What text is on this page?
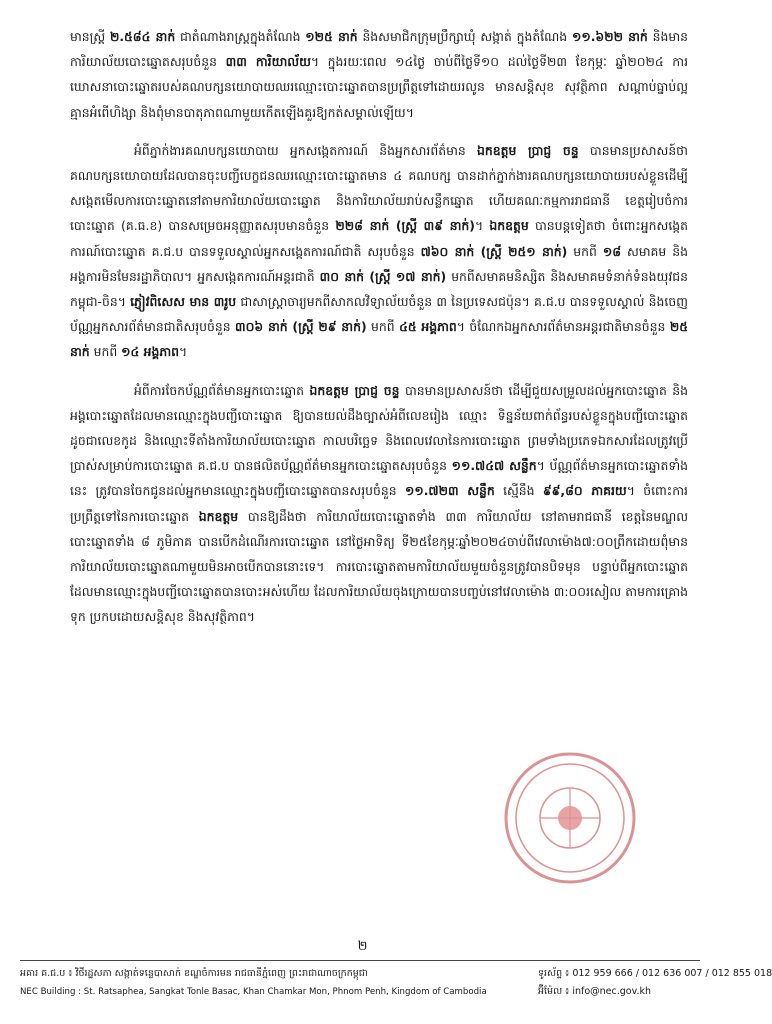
មានស្ត្រី ២.៥៨៤ នាក់ ជាតំណាងរាស្ត្រក្នុងតំណែង ១២៥ នាក់ និងសមាជិកក្រុមប្រឹក្សាឃុំ សង្កាត់ ក្នុងតំណែង ១១.៦២២ នាក់ និងមានការិយាល័យបោះឆ្នោតសរុបចំនួន ៣៣ ការិយាល័យ។ ក្នុងរយៈពេល ១៤ថ្ងៃ ចាប់ពីថ្ងៃទី១០ ដល់ថ្ងៃទី២៣ ខែកុម្ភៈ ឆ្នាំ២០២៤ ការឃោសនាបោះឆ្នោតរបស់គណបក្សនយោបាយឈរឈ្មោះបោះឆ្នោតបានប្រព្រឹត្តទៅដោយរលូន មានសន្តិសុខ សុវត្ថិភាព សណ្តាប់ធ្នាប់ល្អ គ្មានអំពើហិង្សា និងពុំមានបាតុភាពណាមួយកើតឡើងគួរឱ្យកត់សម្គាល់ឡើយ។

អំពីភ្នាក់ងារគណបក្សនយោបាយ អ្នកសង្កេតការណ៍ និងអ្នកសារព័ត៌មាន ឯកឧត្តម ប្រាជ្ញ ចន្ទ បានមានប្រសាសន៍ថា គណបក្សនយោបាយដែលបានចុះបញ្ជីបេក្ខជនឈរឈ្មោះបោះឆ្នោតមាន ៤ គណបក្ស បានដាក់ភ្នាក់ងារគណបក្សនយោបាយរបស់ខ្លួនដើម្បីសង្កេតមើលការបោះឆ្នោតនៅតាមការិយាល័យបោះឆ្នោត និងការិយាល័យរាប់សន្លឹកឆ្នោត ហើយគណៈកម្មការរាជធានី ខេត្តរៀបចំការបោះឆ្នោត (គ.ធ.ខ) បានសម្រេចអនុញ្ញាតសរុបមានចំនួន ២២៨ នាក់ (ស្ត្រី ៣៩ នាក់)។ ឯកឧត្តម បានបន្តទៀតថា ចំពោះអ្នកសង្កេតការណ៍បោះឆ្នោត គ.ជ.ប បានទទួលស្គាល់អ្នកសង្កេតការណ៍ជាតិ សរុបចំនួន ៧៦០ នាក់ (ស្ត្រី ២៥១ នាក់) មកពី ១៨ សមាគម និងអង្គការមិនមែនរដ្ឋាភិបាល។ អ្នកសង្កេតការណ៍អន្តរជាតិ ៣០ នាក់ (ស្ត្រី ១៧ នាក់) មកពីសមាគមនិស្សិត និងសមាគមទំនាក់ទំនងយុវជនកម្ពុជា-ចិន។ ភ្ញៀវពិសេស មាន ៣រូប ជាសាស្ត្រាចារ្យមកពីសាកលវិទ្យាល័យចំនួន ៣ នៃប្រទេសជប៉ុន។ គ.ជ.ប បានទទួលស្គាល់ និងចេញប័ណ្ណអ្នកសារព័ត៌មានជាតិសរុបចំនួន ៣០៦ នាក់ (ស្ត្រី ២៩ នាក់) មកពី ៤៥ អង្គភាព។ ចំណែកឯអ្នកសារព័ត៌មានអន្តរជាតិមានចំនួន ២៥ នាក់ មកពី ១៤ អង្គភាព។

អំពីការចែកប័ណ្ណព័ត៌មានអ្នកបោះឆ្នោត ឯកឧត្តម ប្រាជ្ញ ចន្ទ បានមានប្រសាសន៍ថា ដើម្បីជួយសម្រួលដល់អ្នកបោះឆ្នោត និងអង្គបោះឆ្នោតដែលមានឈ្មោះក្នុងបញ្ជីបោះឆ្នោត ឱ្យបានយល់ដឹងច្បាស់អំពីលេខរៀង ឈ្មោះ ទិន្នន័យពាក់ព័ន្ធរបស់ខ្លួនក្នុងបញ្ជីបោះឆ្នោត ដូចជាលេខកូដ និងឈ្មោះទីតាំងការិយាល័យបោះឆ្នោត កាលបរិច្ឆេទ និងពេលវេលានៃការបោះឆ្នោត ព្រមទាំងប្រភេទឯកសារដែលត្រូវប្រើប្រាស់សម្រាប់ការបោះឆ្នោត គ.ជ.ប បានផលិតប័ណ្ណព័ត៌មានអ្នកបោះឆ្នោតសរុបចំនួន ១១.៧៤៧ សន្លឹក។ ប័ណ្ណព័ត៌មានអ្នកបោះឆ្នោតទាំងនេះ ត្រូវបានចែកជូនដល់អ្នកមានឈ្មោះក្នុងបញ្ជីបោះឆ្នោតបានសរុបចំនួន ១១.៧២៣ សន្លឹក ស្មើនឹង ៩៩,៨០ ភាគរយ។ ចំពោះការប្រព្រឹត្តទៅនៃការបោះឆ្នោត ឯកឧត្តម បានឱ្យដឹងថា ការិយាល័យបោះឆ្នោតទាំង ៣៣ ការិយាល័យ នៅតាមរាជធានី ខេត្តនៃមណ្ឌលបោះឆ្នោតទាំង ៨ ភូមិភាគ បានបើកដំណើរការបោះឆ្នោត នៅថ្ងៃអាទិត្យ ទី២៥ខែកុម្ភៈឆ្នាំ២០២៤ចាប់ពីវេលាម៉ោង៧:០០ព្រឹកដោយពុំមានការិយាល័យបោះឆ្នោតណាមួយមិនអាចបើកបាននោះទេ។ ការបោះឆ្នោតតាមការិយាល័យមួយចំនួនត្រូវបានបិទមុន បន្ទាប់ពីអ្នកបោះឆ្នោតដែលមានឈ្មោះក្នុងបញ្ជីបោះឆ្នោតបានបោះអស់ហើយ ដែលការិយាល័យចុងក្រោយបានបញ្ចប់នៅវេលាម៉ោង ៣:០០រសៀល តាមការគ្រោងទុក ប្រកបដោយសន្តិសុខ និងសុវត្ថិភាព។

២
អគារ គ.ជ.ប ៖ វិថីរដ្ឋសភា សង្កាត់ទន្លេបាសាក់ ខណ្ឌចំការមន រាជធានីភ្នំពេញ ព្រះរាជាណាចក្រកម្ពុជា
NEC Building : St. Ratsaphea, Sangkat Tonle Basac, Khan Chamkar Mon, Phnom Penh, Kingdom of Cambodia
ទូរស័ព្ទ ៖ 012 959 666 / 012 636 007 / 012 855 018
អ៊ីម៉ែល ៖ info@nec.gov.kh
